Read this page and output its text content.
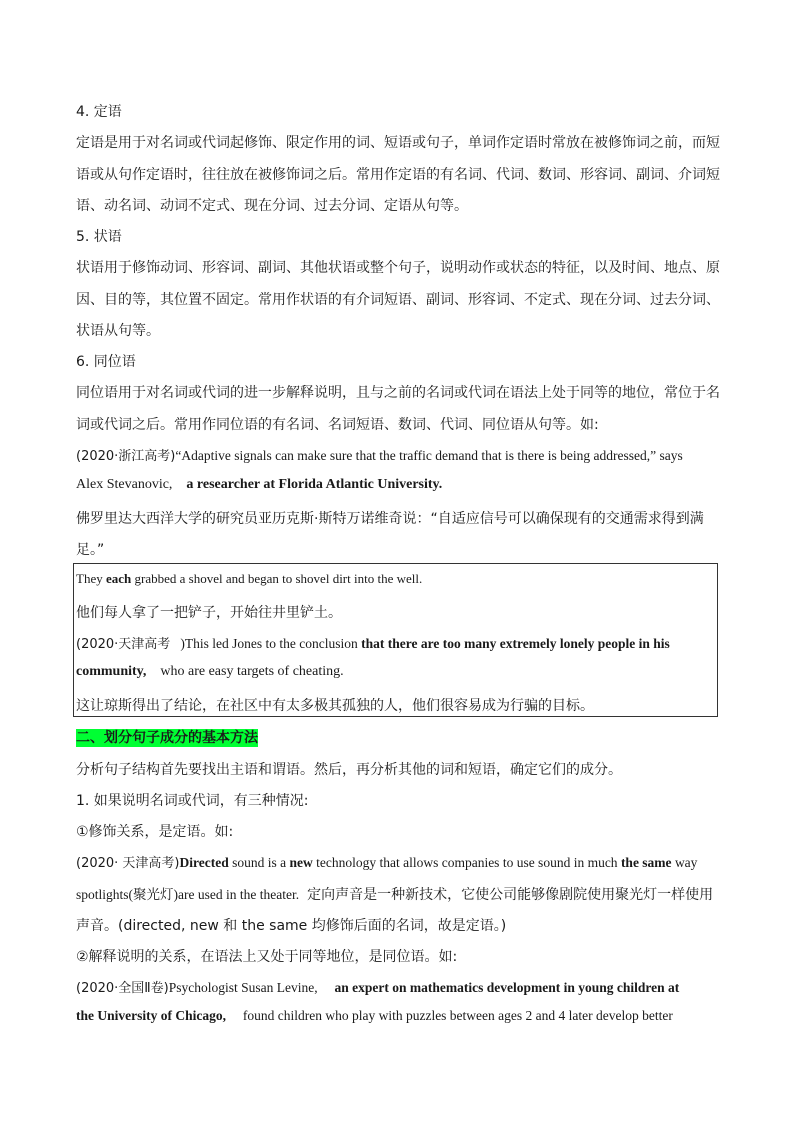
4. 定语
定语是用于对名词或代词起修饰、限定作用的词、短语或句子，单词作定语时常放在被修饰词之前，而短
语或从句作定语时，往往放在被修饰词之后。常用作定语的有名词、代词、数词、形容词、副词、介词短
语、动名词、动词不定式、现在分词、过去分词、定语从句等。
5. 状语
状语用于修饰动词、形容词、副词、其他状语或整个句子，说明动作或状态的特征，以及时间、地点、原
因、目的等，其位置不固定。常用作状语的有介词短语、副词、形容词、不定式、现在分词、过去分词、
状语从句等。
6. 同位语
同位语用于对名词或代词的进一步解释说明，且与之前的名词或代词在语法上处于同等的地位，常位于名
词或代词之后。常用作同位语的有名词、名词短语、数词、代词、同位语从句等。如:
(2020·浙江高考)“Adaptive signals can make sure that the traffic demand that is there is being addressed,” says
Alex Stevanovic, a researcher at Florida Atlantic University.
佛罗里达大西洋大学的研究员亚历克斯·斯特万诺维奇说：“自适应信号可以确保现有的交通需求得到满
足。”
They each grabbed a shovel and began to shovel dirt into the well.
他们每人拿了一把铲子，开始往井里铲土。
(2020·天津高考 )This led Jones to the conclusion that there are too many extremely lonely people in his
community, who are easy targets of cheating.
这让琼斯得出了结论，在社区中有太多极其孤独的人，他们很容易成为行骗的目标。
二、划分句子成分的基本方法
分析句子结构首先要找出主语和谓语。然后，再分析其他的词和短语，确定它们的成分。
1. 如果说明名词或代词，有三种情况:
①修饰关系，是定语。如:
(2020· 天津高考)Directed sound is a new technology that allows companies to use sound in much the same way
spotlights(聚光灯)are used in the theater. 定向声音是一种新技术，它使公司能够像剧院使用聚光灯一样使用
声音。(directed, new 和 the same 均修饰后面的名词，故是定语。)
②解释说明的关系，在语法上又处于同等地位，是同位语。如:
(2020·全国Ⅱ卷)Psychologist Susan Levine, an expert on mathematics development in young children at
the University of Chicago, found children who play with puzzles between ages 2 and 4 later develop better
